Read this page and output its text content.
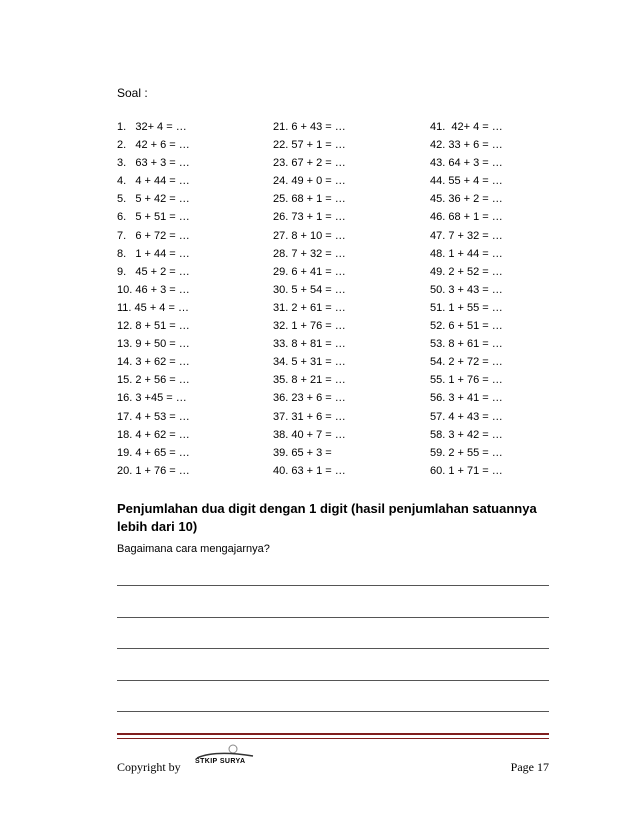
Soal :
1.   32+ 4 = …
2.   42 + 6 = …
3.   63 + 3 = …
4.   4 + 44 = …
5.   5 + 42 = …
6.   5 + 51 = …
7.   6 + 72 = …
8.   1 + 44 = …
9.   45 + 2 = …
10. 46 + 3 = …
11. 45 + 4 = …
12. 8 + 51 = …
13. 9 + 50 = …
14. 3 + 62 = …
15. 2 + 56 = …
16. 3 +45 = …
17. 4 + 53 = …
18. 4 + 62 = …
19. 4 + 65 = …
20. 1 + 76 = …
21. 6 + 43 = …
22. 57 + 1 = …
23. 67 + 2 = …
24. 49 + 0 = …
25. 68 + 1 = …
26. 73 + 1 = …
27. 8 + 10 = …
28. 7 + 32 = …
29. 6 + 41 = …
30. 5 + 54 = …
31. 2 + 61 = …
32. 1 + 76 = …
33. 8 + 81 = …
34. 5 + 31 = …
35. 8 + 21 = …
36. 23 + 6 = …
37. 31 + 6 = …
38. 40 + 7 = …
39. 65 + 3 =
40. 63 + 1 = …
41.  42+ 4 = …
42. 33 + 6 = …
43. 64 + 3 = …
44. 55 + 4 = …
45. 36 + 2 = …
46. 68 + 1 = …
47. 7 + 32 = …
48. 1 + 44 = …
49. 2 + 52 = …
50. 3 + 43 = …
51. 1 + 55 = …
52. 6 + 51 = …
53. 8 + 61 = …
54. 2 + 72 = …
55. 1 + 76 = …
56. 3 + 41 = …
57. 4 + 43 = …
58. 3 + 42 = …
59. 2 + 55 = …
60. 1 + 71 = …
Penjumlahan dua digit dengan 1 digit (hasil penjumlahan satuannya lebih dari 10)
Bagaimana cara mengajarnya?
Copyright by STKIP SURYA	Page 17
